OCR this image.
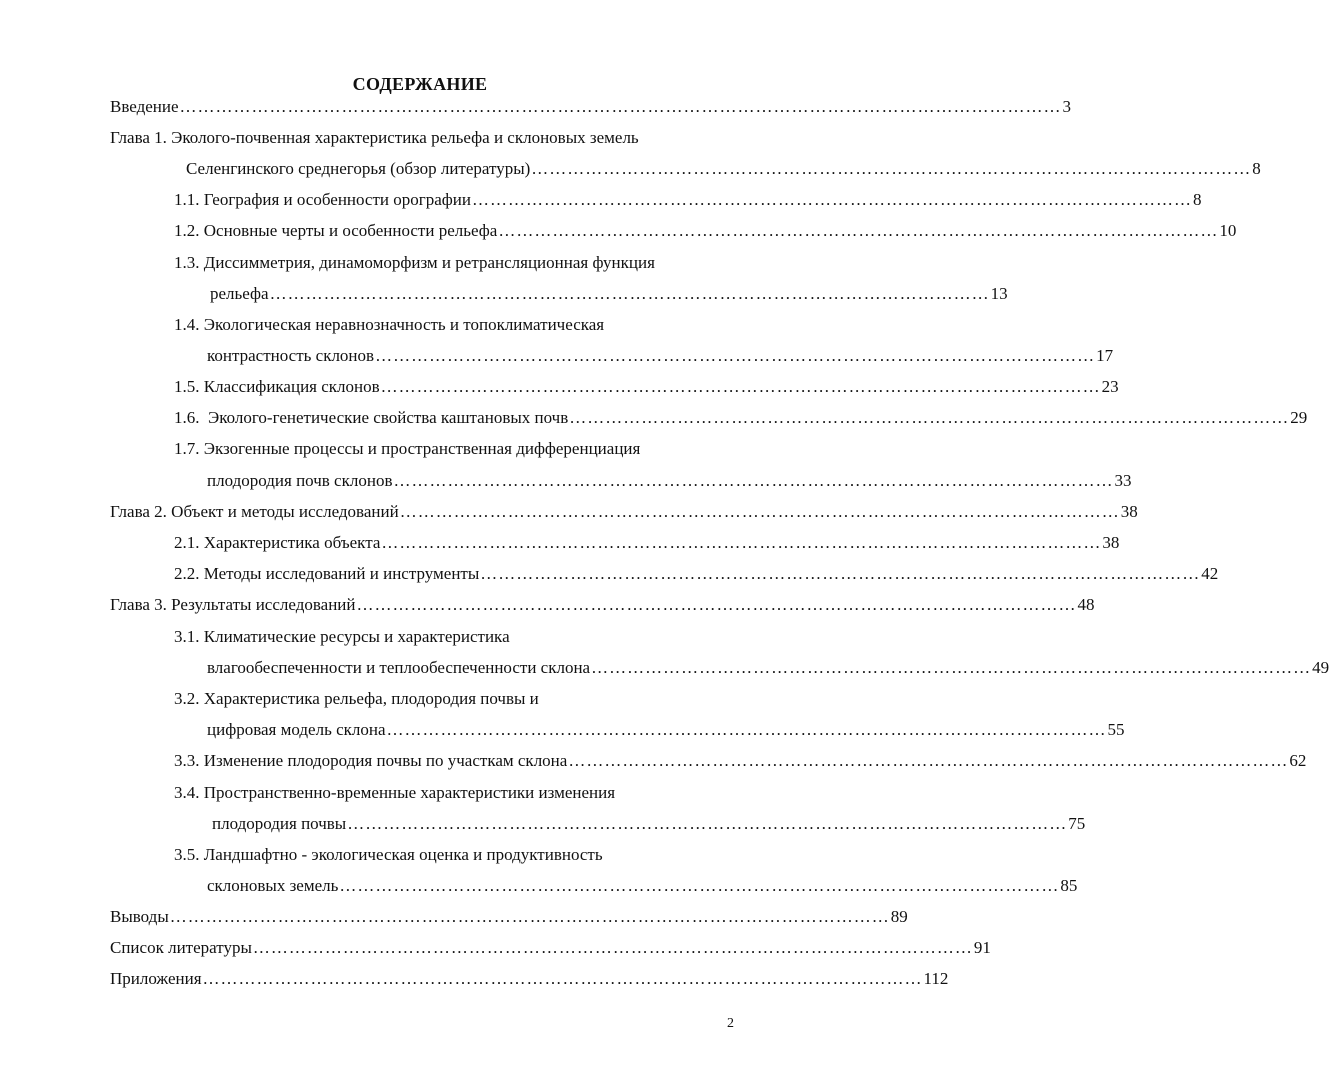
СОДЕРЖАНИЕ
Введение ………………………………………………………………………………………………………………………………… 3
Глава 1. Эколого-почвенная характеристика рельефа и склоновых земель
Селенгинского среднегорья (обзор литературы) ………………………………………………………………………………………………………… 8
1.1. География и особенности орографии ………………………………………………………………………………………………………… 8
1.2. Основные черты и особенности рельефа ………………………………………………………………………………………………………… 10
1.3. Диссимметрия, динамоморфизм и ретрансляционная функция
рельефа ………………………………………………………………………………………………………… 13
1.4. Экологическая неравнозначность и топоклиматическая
контрастность склонов ………………………………………………………………………………………………………… 17
1.5. Классификация склонов ………………………………………………………………………………………………………… 23
1.6.  Эколого-генетические свойства каштановых почв ………………………………………………………………………………………………………… 29
1.7. Экзогенные процессы и пространственная дифференциация
плодородия почв склонов ………………………………………………………………………………………………………… 33
Глава 2. Объект и методы исследований ………………………………………………………………………………………………………… 38
2.1. Характеристика объекта ………………………………………………………………………………………………………… 38
2.2. Методы исследований и инструменты ………………………………………………………………………………………………………… 42
Глава 3. Результаты исследований ………………………………………………………………………………………………………… 48
3.1. Климатические ресурсы и характеристика
влагообеспеченности и теплообеспеченности склона ………………………………………………………………………………………………………… 49
3.2. Характеристика рельефа, плодородия почвы и
цифровая модель склона ………………………………………………………………………………………………………… 55
3.3. Изменение плодородия почвы по участкам склона ………………………………………………………………………………………………………… 62
3.4. Пространственно-временные характеристики изменения
плодородия почвы ………………………………………………………………………………………………………… 75
3.5. Ландшафтно - экологическая оценка и продуктивность
склоновых земель ………………………………………………………………………………………………………… 85
Выводы ………………………………………………………………………………………………………… 89
Список литературы ………………………………………………………………………………………………………… 91
Приложения ………………………………………………………………………………………………………… 112
2
